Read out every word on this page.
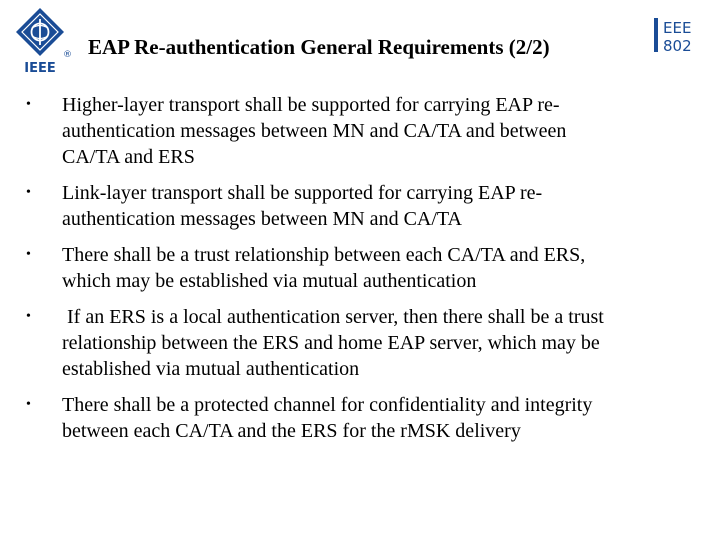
®
IEEE
EAP Re-authentication General Requirements (2/2)
EEE
802
• Higher-layer transport shall be supported for carrying EAP re-
authentication messages between MN and CA/TA and between
CA/TA and ERS
• Link-layer transport shall be supported for carrying EAP re-
authentication messages between MN and CA/TA
• There shall be a trust relationship between each CA/TA and ERS,
which may be established via mutual authentication
• If an ERS is a local authentication server, then there shall be a trust
relationship between the ERS and home EAP server, which may be
established via mutual authentication
• There shall be a protected channel for confidentiality and integrity
between each CA/TA and the ERS for the rMSK delivery
